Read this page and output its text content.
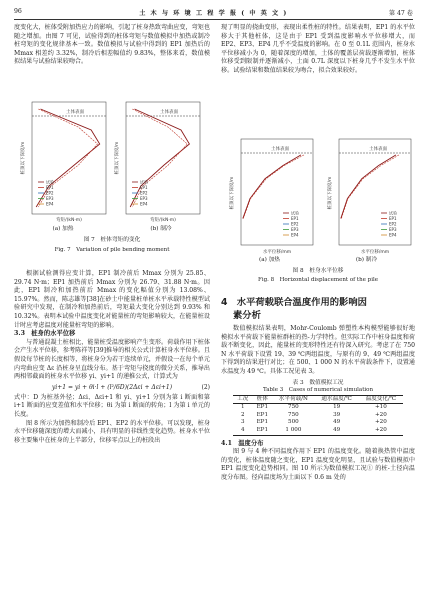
96	土 木 与 环 境 工 程 学 报 ( 中 英 文 )	第 47 卷

度变化大，桩体受附加热应力的影响，引起了桩身热致弯曲应变，弯矩也随之增加。由图 7 可见，试验得到的桩体弯矩与数值模拟中加热或制冷桩弯矩的变化规律基本一致。数值模拟与试验中得到的 EP1 加热后的 Mmax 相差约 3.32%，制冷后相差幅值约 9.83%，整体来看，数值模拟结果与试验结果较吻合。

土体表面
桩顶以下深度/m
弯矩/(kN·m)
土体表面
桩顶以下深度/m
弯矩/(kN·m)
试验
EP1
EP2
EP3
EP4
试验
EP1
EP2
EP3
EP4
(a) 加热	(b) 制冷
图 7　桩体弯矩的变化
Fig. 7　Variation of pile bending moment

根据试验测得应变计算，EP1 制冷前后 Mmax 分别为 25.85、29.74 N·m；EP1 加热前后 Mmax 分别为 26.79、31.88 N·m。因此，EP1 制冷和加热前后 Mmax 的变化幅值分别为 13.08%、15.97%。然而，陈志雄等[38]在砂土中能量桩单桩水平承载特性模型试验研究中发现，在制冷和加热前后，弯矩最大变化分别达到 9.93% 和 10.32%。表明本试验中温度变化对能量桩的弯矩影响较大，在能量桩设计时应考虑温度对能量桩弯矩的影响。

3.3　桩身的水平位移

与普通混凝土桩相比，能量桩受温度影响产生变形。荷载作用下桩体会产生水平位移，参考陈祥等[39]推导的相关公式计算桩身水平位移。且假设每节桩的长度相等，将桩身分为若干连续单元，并假设一在每个单元内弯曲应变 Δε 沿桩身呈直线分布。基于弯矩与挠度的微分关系，推导出两相邻截面的桩身水平位移 yi、yi+1 的递推公式，计算式为

yi+1 = yi + θi·l + (l²/6D)(2Δεi + Δεi+1)	(2)

式中：D 为桩基外径；Δεi、Δεi+1 和 yi、yi+1 分别为第 i 断面和第 i+1 断面的应变差值和水平位移；θi 为第 i 断面的转角；l 为第 i 单元的长度。

图 8 所示为加热和制冷后 EP1、EP2 的水平位移。可以发现，桩身水平位移随深度的增大而减小，具有明显的非线性变化趋势。桩身水平位移主要集中在桩身的上半部分，位移零点以上的桩段出

现了明显的挠曲变形，表现出柔性桩的特性。结果表明，EP1 的水平位移大于其他桩体，这是由于 EP1 受到温度影响水平位移增大，而 EP2、EP3、EP4 几乎不受温度的影响。在 0 至 0.1L 范围内，桩身水平位移减小为 0，随着深度的增加，土体的覆盖层荷载逐渐增加，桩体位移受到限制并逐渐减小，土面 0.7L 深度以下桩身几乎不发生水平位移。试验结果和数值结果较为吻合，拟合效果较好。

土体表面
桩顶以下深度/m
水平位移/mm
土体表面
桩顶以下深度/m
水平位移/mm
试验
EP1
EP2
EP3
EP4
试验
EP1
EP2
EP3
EP4
(a) 加热	(b) 制冷
图 8　桩身水平位移
Fig. 8　Horizontal displacement of the pile

4　水平荷载联合温度作用的影响因

素分析

数值模拟结果表明，Mohr-Coulomb 弹塑性本构模型能够很好地模拟水平荷载下能量桩群桩的热-力学特性。但实际工作中桩身温度和荷载不断变化，因此，能量桩的变形特性还有待深入研究。考虑了在 750 N 水平荷载下设置 19、39 ℃两组温度，与原有的 9、49 ℃两组温度下得到的结果进行对比；在 500、1 000 N 的水平荷载条件下，设置通水温度为 49 ℃。具体工况见表 3。

表 3　数值模拟工况
Table 3　Cases of numerical simulation
工况	桩体	水平荷载/N	通水温度/℃	温度变化/℃
1	EP1	750	19	+10
2	EP1	750	39	+20
3	EP1	500	49	+20
4	EP1	1 000	49	+20

4.1　温度分布

图 9 与 4 种不同温度作用下 EP1 的温度变化。随着换热管中温度的变化，桩体温度随之变化，EP1 温度变化明显，且试验与数值模拟中 EP1 温度变化趋势相同。图 10 所示为数值模拟工况① 的桩-土径向温度分布图。径向温度场为土面以下 0.6 m 处的
